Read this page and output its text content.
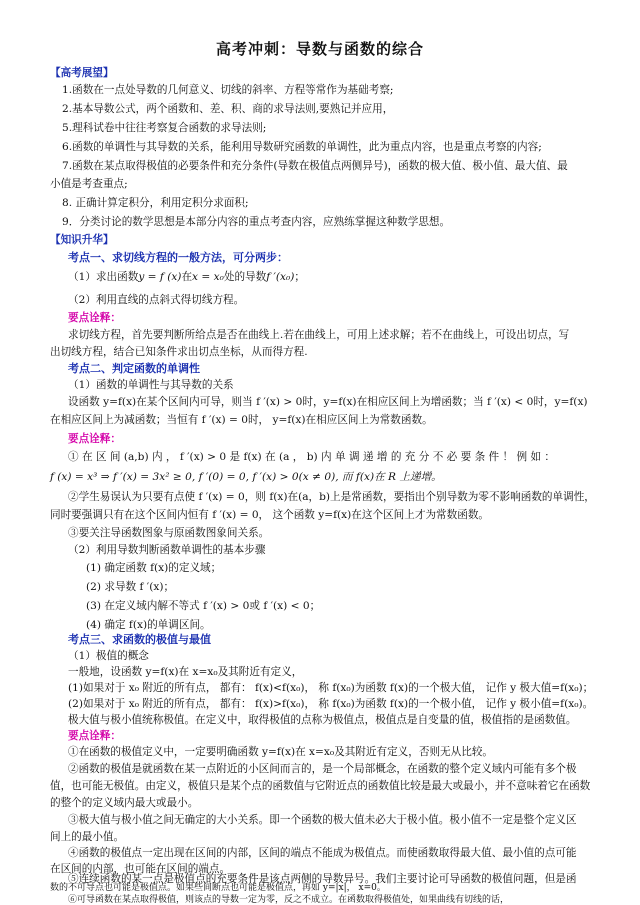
高考冲刺：导数与函数的综合
【高考展望】
1.函数在一点处导数的几何意义、切线的斜率、方程等常作为基础考察;
2.基本导数公式，两个函数和、差、积、商的求导法则,要熟记并应用，
5.理科试卷中往往考察复合函数的求导法则;
6.函数的单调性与其导数的关系，能利用导数研究函数的单调性，此为重点内容，也是重点考察的内容;
7.函数在某点取得极值的必要条件和充分条件(导数在极值点两侧异号)，函数的极大值、极小值、最大值、最
小值是考查重点;
8. 正确计算定积分，利用定积分求面积;
9．分类讨论的数学思想是本部分内容的重点考查内容，应熟练掌握这种数学思想。
【知识升华】
考点一、求切线方程的一般方法，可分两步：
（1）求出函数y = f (x)在x = x₀处的导数f ′(x₀)；
（2）利用直线的点斜式得切线方程。
要点诠释：
求切线方程，首先要判断所给点是否在曲线上.若在曲线上，可用上述求解；若不在曲线上，可设出切点，写
出切线方程，结合已知条件求出切点坐标，从而得方程.
考点二、判定函数的单调性
（1）函数的单调性与其导数的关系
设函数 y=f(x)在某个区间内可导，则当 f ′(x) > 0时，y=f(x)在相应区间上为增函数；当 f ′(x) < 0时，y=f(x)
在相应区间上为减函数；当恒有 f ′(x) = 0时， y=f(x)在相应区间上为常数函数。
要点诠释：
① 在 区 间 (a,b) 内 ， f ′(x) > 0 是 f(x) 在 (a ， b) 内 单 调 递 增 的 充 分 不 必 要 条 件 ！ 例 如 ：
f (x) = x³ ⇒ f ′(x) = 3x² ≥ 0, f ′(0) = 0, f ′(x) > 0(x ≠ 0), 而 f(x)在 R 上递增。
②学生易误认为只要有点使 f ′(x) = 0，则 f(x)在(a，b)上是常函数，要指出个别导数为零不影响函数的单调性，
同时要强调只有在这个区间内恒有 f ′(x) = 0， 这个函数 y=f(x)在这个区间上才为常数函数。
③要关注导函数图象与原函数图象间关系。
（2）利用导数判断函数单调性的基本步骤
(1) 确定函数 f(x)的定义域；
(2) 求导数 f ′(x)；
(3) 在定义域内解不等式 f ′(x) > 0或 f ′(x) < 0；
(4) 确定 f(x)的单调区间。
考点三、求函数的极值与最值
（1）极值的概念
一般地，设函数 y=f(x)在 x=x₀及其附近有定义，
(1)如果对于 x₀ 附近的所有点， 都有： f(x)<f(x₀)， 称 f(x₀)为函数 f(x)的一个极大值， 记作 y 极大值=f(x₀)；
(2)如果对于 x₀ 附近的所有点， 都有： f(x)>f(x₀)， 称 f(x₀)为函数 f(x)的一个极小值， 记作 y 极小值=f(x₀)。
极大值与极小值统称极值。在定义中，取得极值的点称为极值点，极值点是自变量的值，极值指的是函数值。
要点诠释：
①在函数的极值定义中，一定要明确函数 y=f(x)在 x=x₀及其附近有定义，否则无从比较。
②函数的极值是就函数在某一点附近的小区间而言的，是一个局部概念，在函数的整个定义域内可能有多个极
值，也可能无极值。由定义，极值只是某个点的函数值与它附近点的函数值比较是最大或最小，并不意味着它在函数
的整个的定义域内最大或最小。
③极大值与极小值之间无确定的大小关系。即一个函数的极大值未必大于极小值。极小值不一定是整个定义区
间上的最小值。
④函数的极值点一定出现在区间的内部，区间的端点不能成为极值点。而使函数取得最大值、最小值的点可能
在区间的内部，也可能在区间的端点。
⑤连续函数的某一点是极值点的充要条件是该点两侧的导数异号。我们主要讨论可导函数的极值问题，但是函
数的不可导点也可能是极值点。如果些间断点也可能是极值点，再如 y=|x|， x=0。
⑥可导函数在某点取得极值，则该点的导数一定为零，反之不成立。在函数取得极值处，如果曲线有切线的话，
